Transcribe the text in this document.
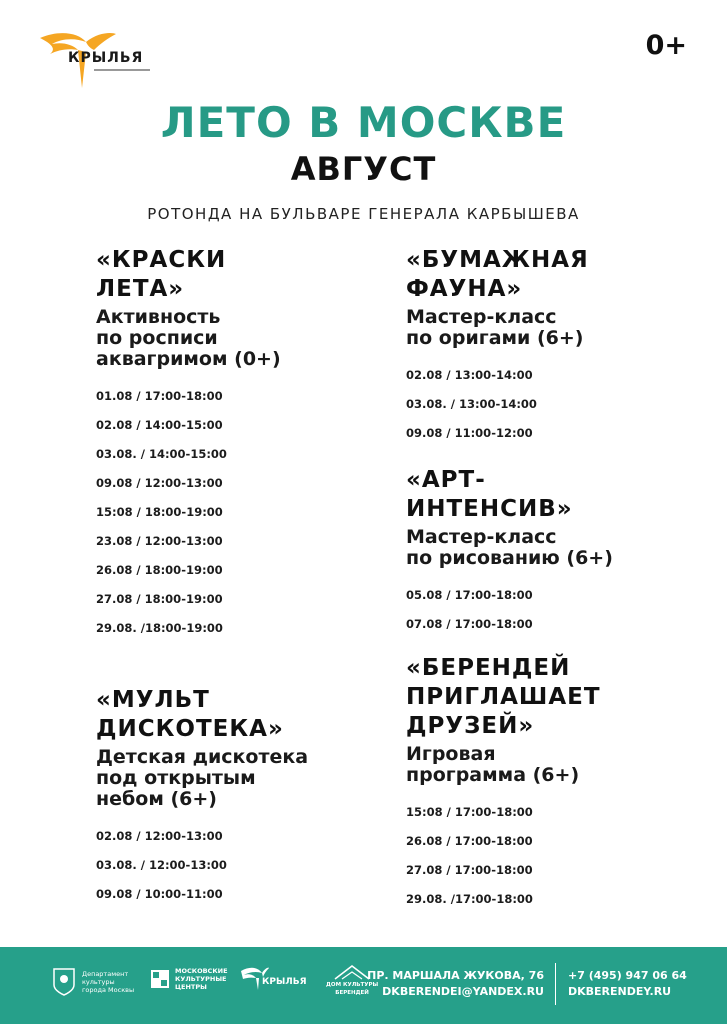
КРЫЛЬЯ	0+
ЛЕТО В МОСКВЕ
АВГУСТ
РОТОНДА НА БУЛЬВАРЕ ГЕНЕРАЛА КАРБЫШЕВА
«КРАСКИ
ЛЕТА»
Активность
по росписи
аквагримом (0+)
01.08 / 17:00-18:00
02.08 / 14:00-15:00
03.08. / 14:00-15:00
09.08 / 12:00-13:00
15:08 / 18:00-19:00
23.08 / 12:00-13:00
26.08 / 18:00-19:00
27.08 / 18:00-19:00
29.08. /18:00-19:00
«МУЛЬТ
ДИСКОТЕКА»
Детская дискотека
под открытым
небом (6+)
02.08 / 12:00-13:00
03.08. / 12:00-13:00
09.08 / 10:00-11:00
«БУМАЖНАЯ
ФАУНА»
Мастер-класс
по оригами (6+)
02.08 / 13:00-14:00
03.08. / 13:00-14:00
09.08 / 11:00-12:00
«АРТ-
ИНТЕНСИВ»
Мастер-класс
по рисованию (6+)
05.08 / 17:00-18:00
07.08 / 17:00-18:00
«БЕРЕНДЕЙ
ПРИГЛАШАЕТ
ДРУЗЕЙ»
Игровая
программа (6+)
15:08 / 17:00-18:00
26.08 / 17:00-18:00
27.08 / 17:00-18:00
29.08. /17:00-18:00
Департамент
культуры
города Москвы
МОСКОВСКИЕ
КУЛЬТУРНЫЕ
ЦЕНТРЫ	КРЫЛЬЯ	ДОМ КУЛЬТУРЫ
БЕРЕНДЕЙ
ПР. МАРШАЛА ЖУКОВА, 76
DKBERENDEI@YANDEX.RU
+7 (495) 947 06 64
DKBERENDEY.RU
